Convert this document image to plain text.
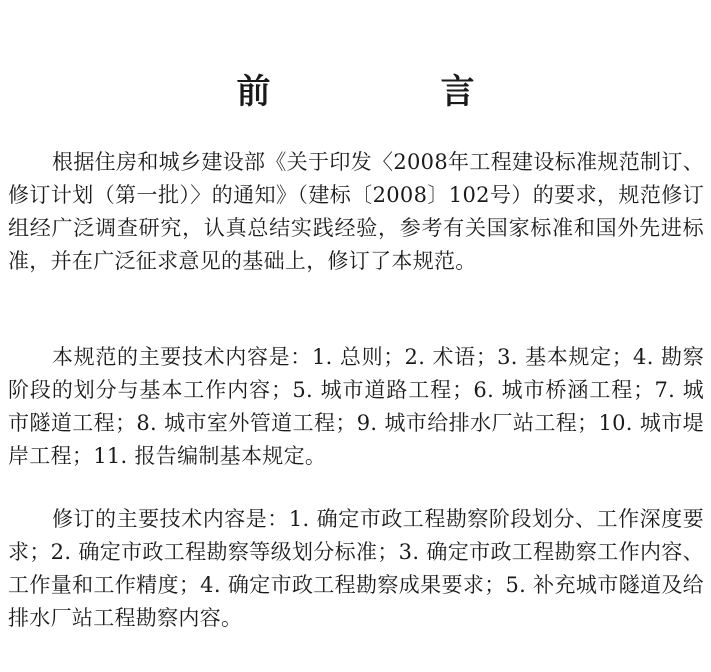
前　言

根据住房和城乡建设部《关于印发〈2008年工程建设标准规范制订、修订计划（第一批）〉的通知》（建标〔2008〕102号）的要求，规范修订组经广泛调查研究，认真总结实践经验，参考有关国家标准和国外先进标准，并在广泛征求意见的基础上，修订了本规范。

本规范的主要技术内容是：1. 总则；2. 术语；3. 基本规定；4. 勘察阶段的划分与基本工作内容；5. 城市道路工程；6. 城市桥涵工程；7. 城市隧道工程；8. 城市室外管道工程；9. 城市给排水厂站工程；10. 城市堤岸工程；11. 报告编制基本规定。

修订的主要技术内容是：1. 确定市政工程勘察阶段划分、工作深度要求；2. 确定市政工程勘察等级划分标准；3. 确定市政工程勘察工作内容、工作量和工作精度；4. 确定市政工程勘察成果要求；5. 补充城市隧道及给排水厂站工程勘察内容。
